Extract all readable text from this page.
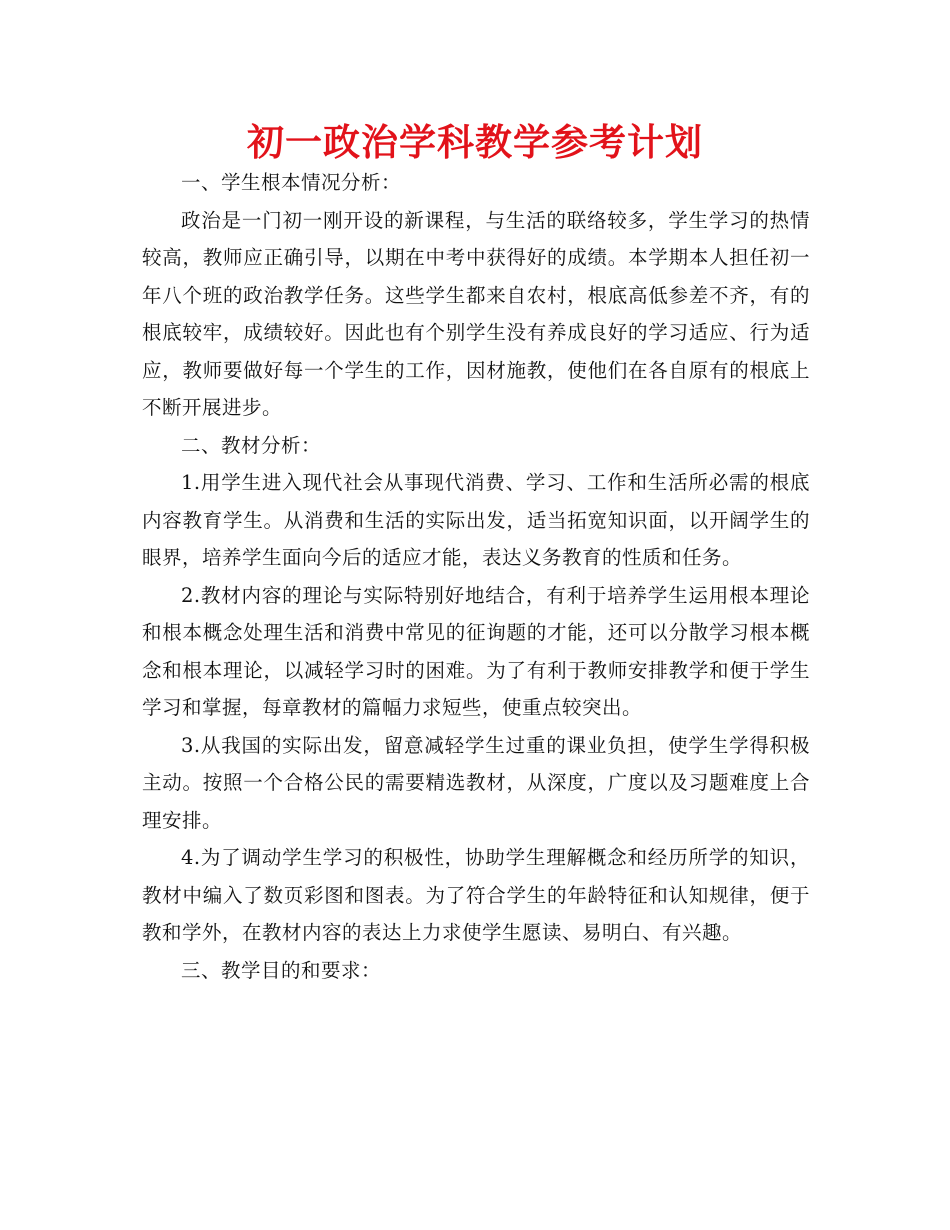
初一政治学科教学参考计划

一、学生根本情况分析：

政治是一门初一刚开设的新课程，与生活的联络较多，学生学习的热情较高，教师应正确引导，以期在中考中获得好的成绩。本学期本人担任初一年八个班的政治教学任务。这些学生都来自农村，根底高低参差不齐，有的根底较牢，成绩较好。因此也有个别学生没有养成良好的学习适应、行为适应，教师要做好每一个学生的工作，因材施教，使他们在各自原有的根底上不断开展进步。

二、教材分析：

1.用学生进入现代社会从事现代消费、学习、工作和生活所必需的根底内容教育学生。从消费和生活的实际出发，适当拓宽知识面，以开阔学生的眼界，培养学生面向今后的适应才能，表达义务教育的性质和任务。

2.教材内容的理论与实际特别好地结合，有利于培养学生运用根本理论和根本概念处理生活和消费中常见的征询题的才能，还可以分散学习根本概念和根本理论，以减轻学习时的困难。为了有利于教师安排教学和便于学生学习和掌握，每章教材的篇幅力求短些，使重点较突出。

3.从我国的实际出发，留意减轻学生过重的课业负担，使学生学得积极主动。按照一个合格公民的需要精选教材，从深度，广度以及习题难度上合理安排。

4.为了调动学生学习的积极性，协助学生理解概念和经历所学的知识，教材中编入了数页彩图和图表。为了符合学生的年龄特征和认知规律，便于教和学外，在教材内容的表达上力求使学生愿读、易明白、有兴趣。

三、教学目的和要求：
